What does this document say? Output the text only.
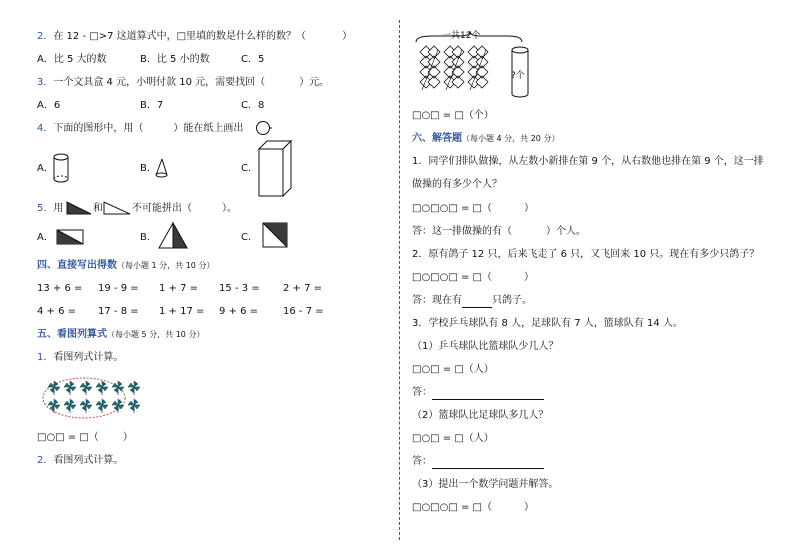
2．在 12 - □>7 这道算式中，□里填的数是什么样的数？（	）
A．比 5 大的数	B．比 5 小的数	C．5
3．一个文具盒 4 元，小明付款 10 元，需要找回（	）元。
A．6	B．7	C．8
4．下面的图形中，用（	）能在纸上画出
A．	B．	C．
5．用	和	不可能拼出（	）。
A．	B．	C．
四、直接写出得数（每小题 1 分，共 10 分）
13 + 6 = 19 - 9 = 1 + 7 = 15 - 3 = 2 + 7 =
4 + 6 = 17 - 8 = 1 + 17 = 9 + 6 = 16 - 7 =
五、看图列算式（每小题 5 分，共 10 分）
1．看图列式计算。
□○□ = □（ ）
2．看图列式计算。
一共12个
?个
□○□ = □（个）
六、解答题（每小题 4 分，共 20 分）
1．同学们排队做操，从左数小新排在第 9 个，从右数他也排在第 9 个，这一排
做操的有多少个人？
□○□○□ = □（	）
答：这一排做操的有（	）个人。
2．原有鸽子 12 只，后来飞走了 6 只，又飞回来 10 只。现在有多少只鸽子？
□○□○□ = □（	）
答：现在有	只鸽子。
3．学校乒乓球队有 8 人，足球队有 7 人，篮球队有 14 人。
（1）乒乓球队比篮球队少几人？
□○□ = □（人）
答：
（2）篮球队比足球队多几人？
□○□ = □（人）
答：
（3）提出一个数学问题并解答。
□○□○□ = □（	）
